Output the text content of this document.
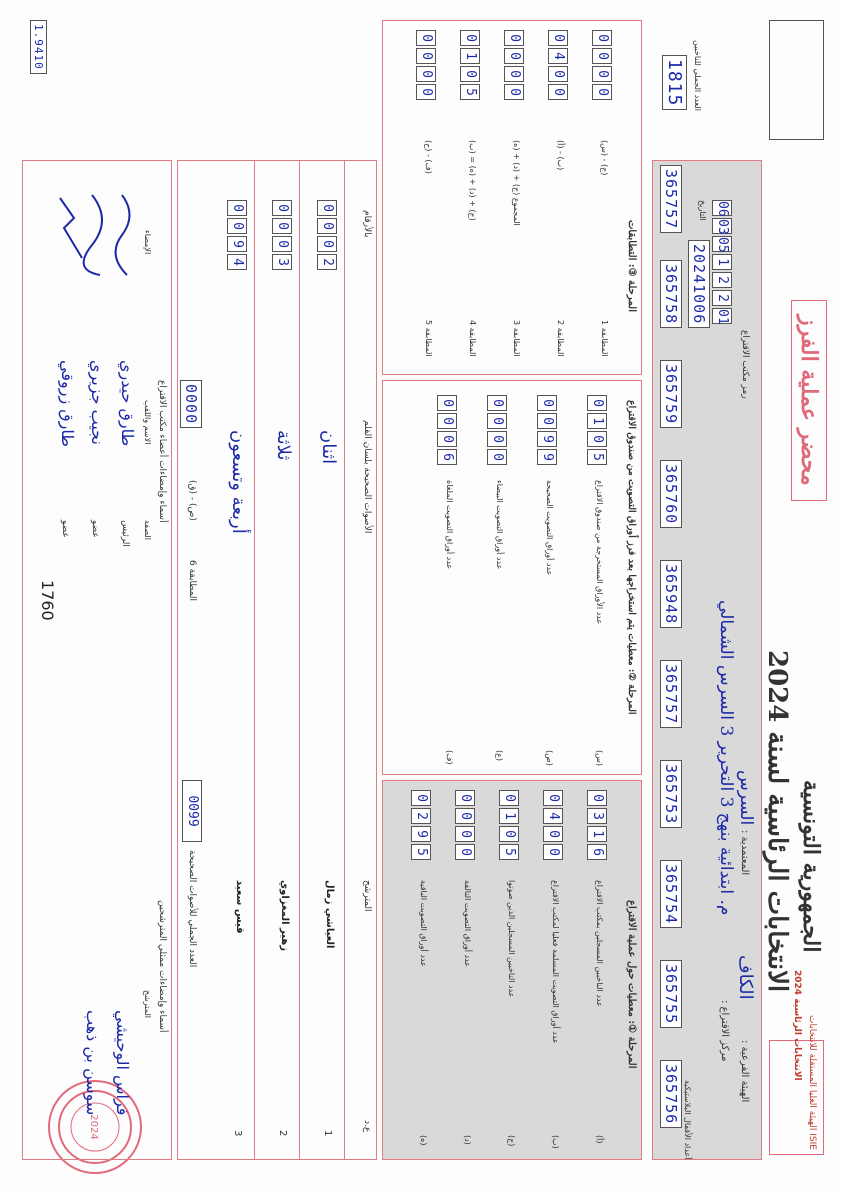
1760
الجمهورية التونسية
الانتخابات الرئاسية لسنة 2024
محضر عملية الفرز
ISIE الهيئة العليا المستقلة للانتخابات
الانتخابات الرئاسية 2024
2024
الهيئة الفرعية :
الكاف
مركز الاقتراع :
م. ابتدائية بنهج 3 التحرير 3 السرس الشمالي المعتمدية :
السرس
رمز مكتب الاقتراع
06
03
05
1
2
2
01
التاريخ
20241006
أعداد الأقفال البلاستيكية
365756
365755
365754
365753
365757
365948
365760
365759
365758
365757
العدد الجملي للناخبين
1815
المرحلة ①: معطيات حول عملية الاقتراع
المرحلة ②: معطيات يتم استخراجها بعد فرز أوراق التصويت من صندوق الاقتراع
المرحلة ③: التطابقات
ع.د
المترشح
الأصوات الصحيحة بلسان القلم
بالأرقام
العدد الجملي للأصوات الصحيحة
0099
المطابقة 6
(ص) - (ق)
0000
أسماء وإمضاءات ممثلي المترشحين
أسماء وإمضاءات أعضاء مكتب الاقتراع
المترشح
فراس الوحيشي
سوسن بن ذهب
الصفة
الاسم واللقب
الإمضاء
الرئيس
عضو
عضو
طارق حيدري
نجيب جزيري
طارق زروقي
1.9410
(أ)
عدد الناخبين المسجلين بمكتب الاقتراع
0
3
1
6
(ب)
عدد أوراق التصويت المسلمة فعليا لمكتب الاقتراع
0
4
0
0
(ج)
عدد الناخبين المسجلين الذين صوتوا
0
1
0
5
(د)
عدد أوراق التصويت التالفة
0
0
0
0
(ه)
عدد أوراق التصويت الباقية
0
2
9
5
(س)
عدد الأوراق المستخرجة من صندوق الاقتراع
0
1
0
5
(ص)
عدد أوراق التصويت الصحيحة
0
0
9
9
(ع)
عدد أوراق التصويت البيضاء
0
0
0
0
(ف)
عدد أوراق التصويت الملغاة
0
0
0
6
المطابقة 1
(ج) - (س)
0
0
0
0
المطابقة 2
(ب) - (أ)
0
4
0
0
المطابقة 3
المجموع (ج) + (د) + (ه)
0
0
0
0
المطابقة 4
(ج) + (د) + (ه) = (ب)
0
1
0
5
المطابقة 5
(ف) - (ح)
0
0
0
0
1
العياشي زمال
اثنان
0
0
0
2
2
زهير المغزاوي
ثلاثة
0
0
0
3
3
قيس سعيد
أربعة وتسعون
0
0
9
4
